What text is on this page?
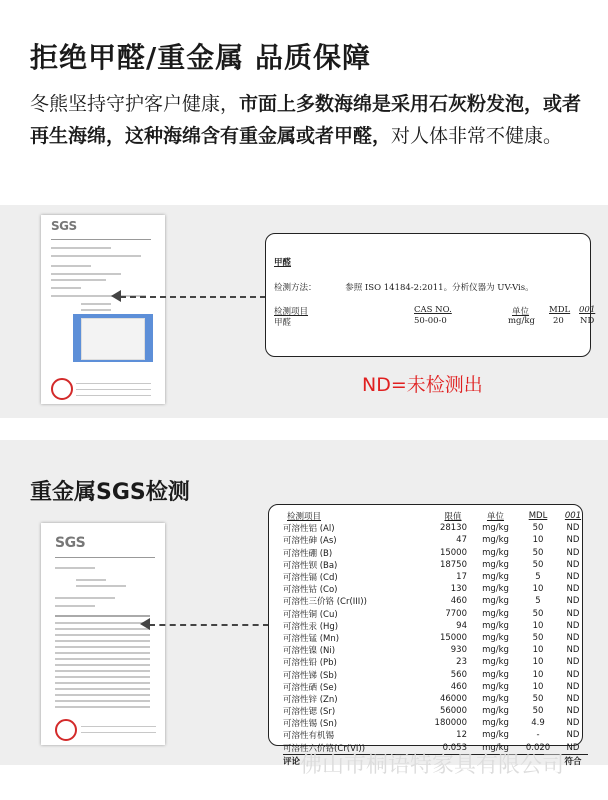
拒绝甲醛/重金属 品质保障
冬熊坚持守护客户健康，市面上多数海绵是采用石灰粉发泡，或者再生海绵，这种海绵含有重金属或者甲醛，对人体非常不健康。
SGS
甲醛
检测方法：	参照 ISO 14184-2:2011。分析仪器为 UV-Vis。
检测项目	CAS NO.	单位 MDL 001
甲醛	50-00-0	mg/kg 20 ND
ND=未检测出
重金属SGS检测
SGS
检测项目	限值	单位	MDL	001
可溶性铝 (Al)	28130	mg/kg	50	ND
可溶性砷 (As)	47	mg/kg	10	ND
可溶性硼 (B)	15000	mg/kg	50	ND
可溶性钡 (Ba)	18750	mg/kg	50	ND
可溶性镉 (Cd)	17	mg/kg	5	ND
可溶性钴 (Co)	130	mg/kg	10	ND
可溶性三价铬 (Cr(III))	460	mg/kg	5	ND
可溶性铜 (Cu)	7700	mg/kg	50	ND
可溶性汞 (Hg)	94	mg/kg	10	ND
可溶性锰 (Mn)	15000	mg/kg	50	ND
可溶性镍 (Ni)	930	mg/kg	10	ND
可溶性铅 (Pb)	23	mg/kg	10	ND
可溶性锑 (Sb)	560	mg/kg	10	ND
可溶性硒 (Se)	460	mg/kg	10	ND
可溶性锌 (Zn)	46000	mg/kg	50	ND
可溶性锶 (Sr)	56000	mg/kg	50	ND
可溶性锡 (Sn)	180000	mg/kg	4.9	ND
可溶性有机锡	12	mg/kg	-	ND
可溶性六价铬(Cr(VI))	0.053	mg/kg	0.020	ND
评论				符合
佛山市桐语特家具有限公司
